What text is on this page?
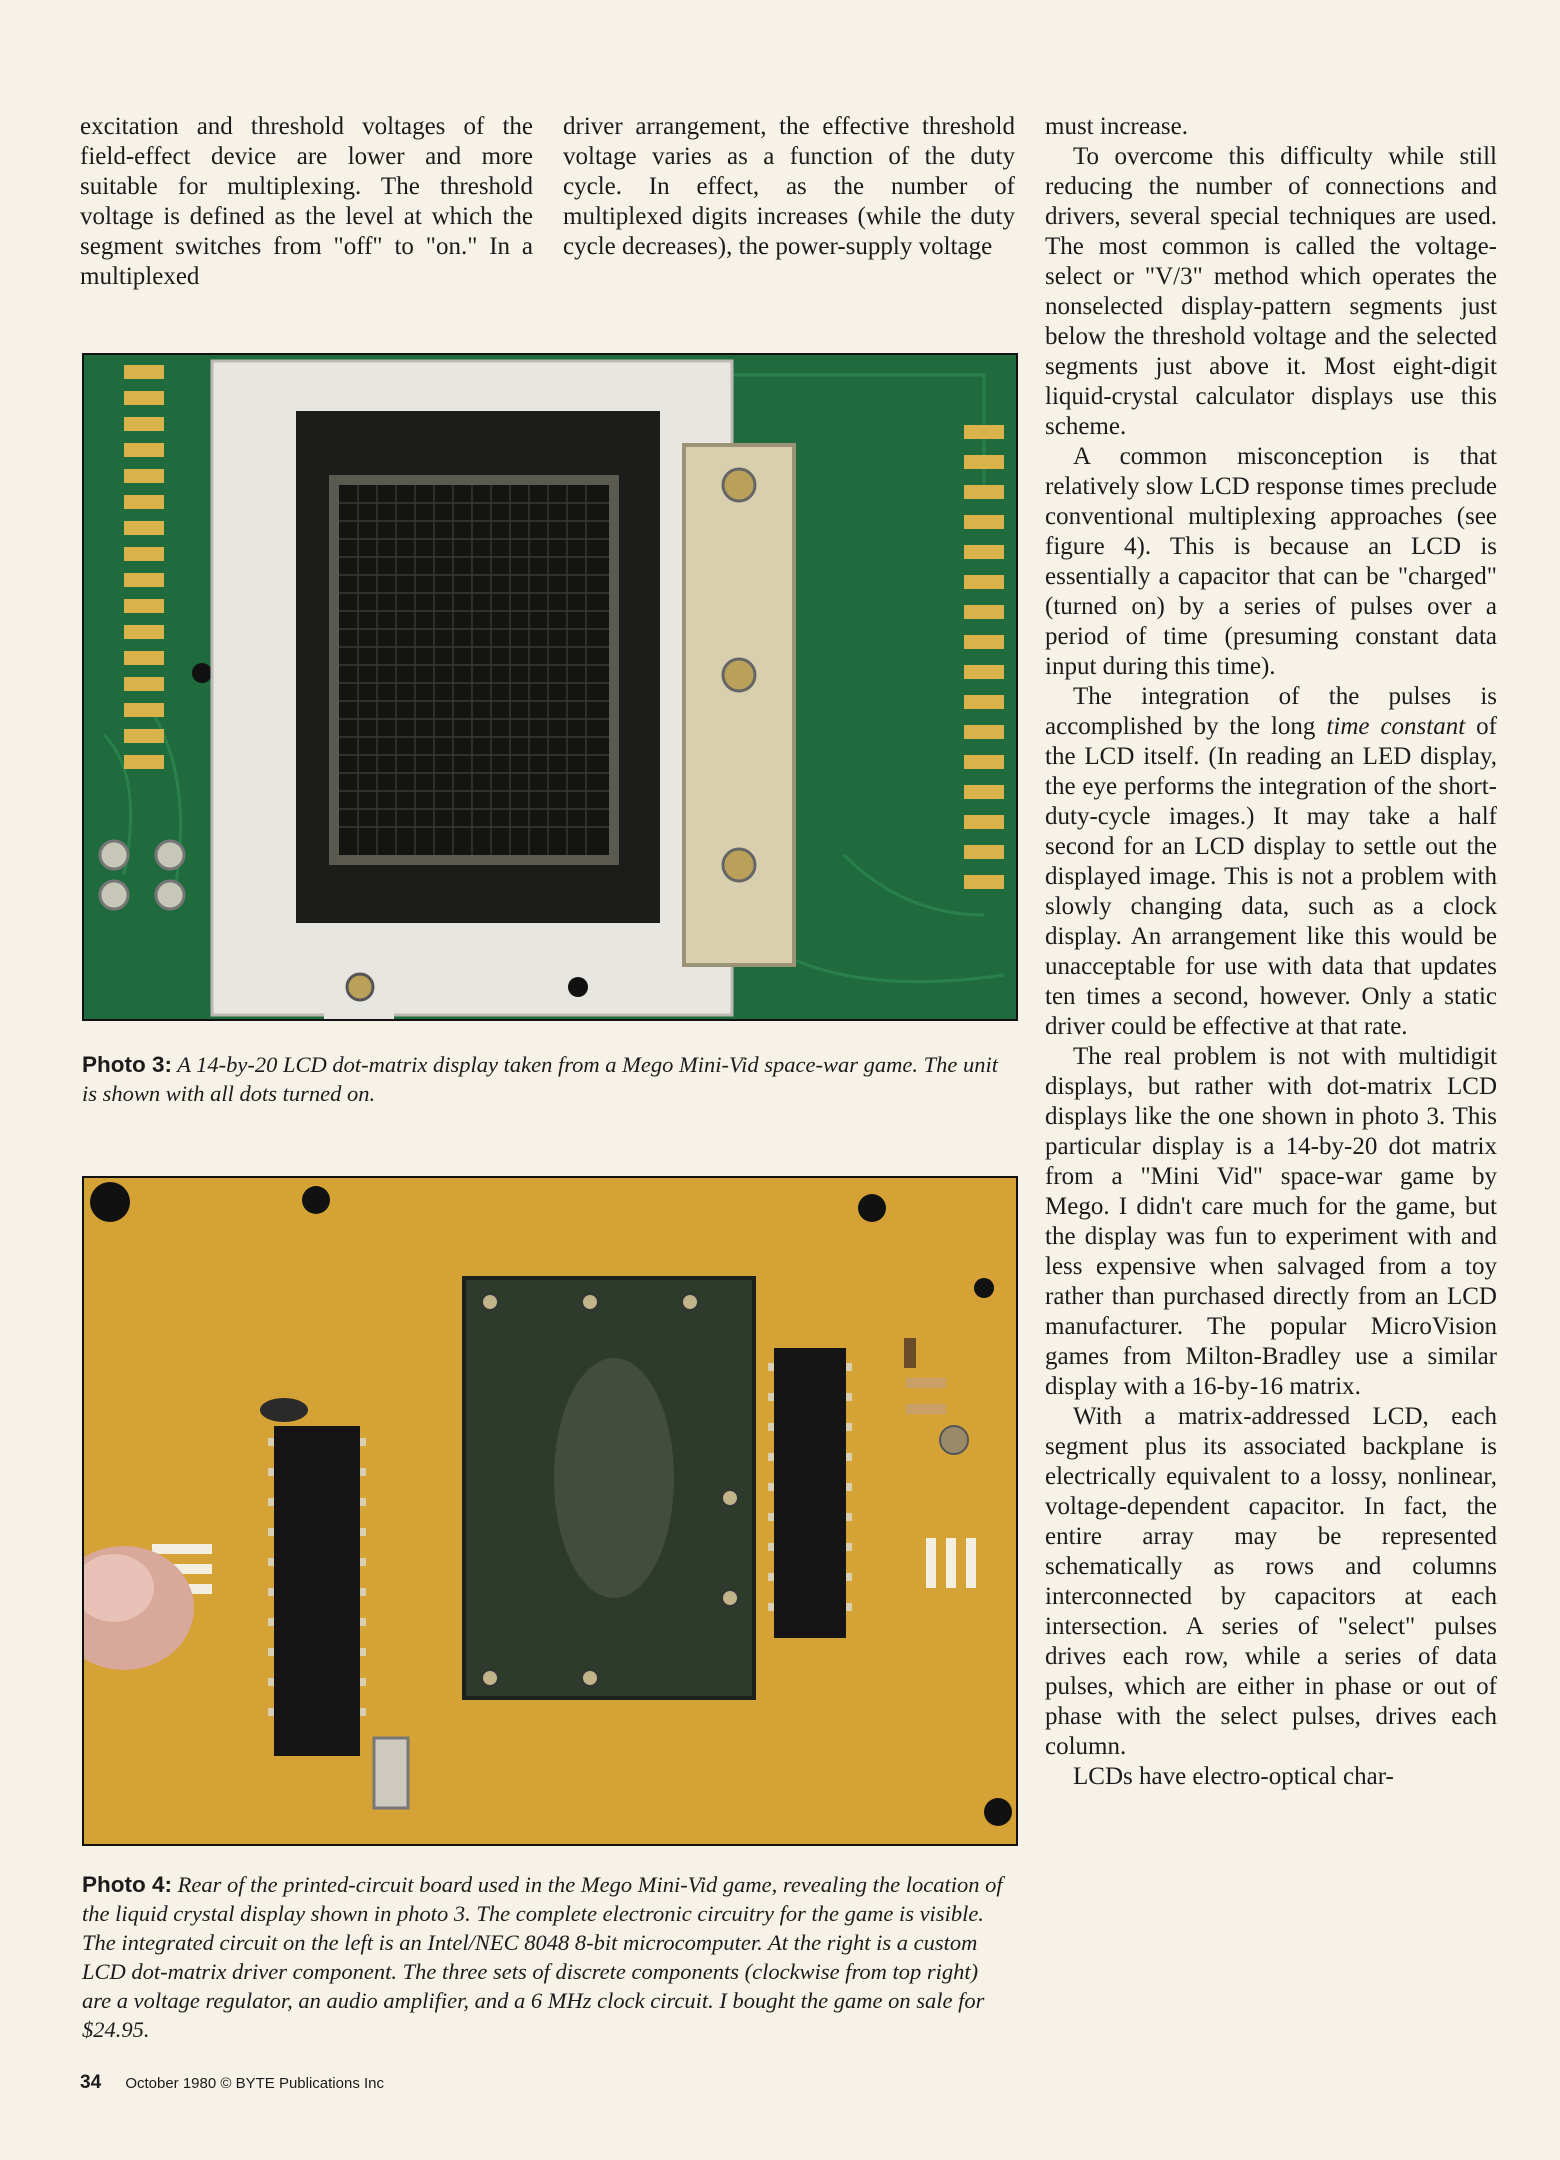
excitation and threshold voltages of the field-effect device are lower and more suitable for multiplexing. The threshold voltage is defined as the level at which the segment switches from "off" to "on." In a multiplexed

driver arrangement, the effective threshold voltage varies as a function of the duty cycle. In effect, as the number of multiplexed digits increases (while the duty cycle decreases), the power-supply voltage

must increase.

To overcome this difficulty while still reducing the number of connections and drivers, several special techniques are used. The most common is called the voltage-select or "V/3" method which operates the nonselected display-pattern segments just below the threshold voltage and the selected segments just above it. Most eight-digit liquid-crystal calculator displays use this scheme.

A common misconception is that relatively slow LCD response times preclude conventional multiplexing approaches (see figure 4). This is because an LCD is essentially a capacitor that can be "charged" (turned on) by a series of pulses over a period of time (presuming constant data input during this time).

The integration of the pulses is accomplished by the long time constant of the LCD itself. (In reading an LED display, the eye performs the integration of the short-duty-cycle images.) It may take a half second for an LCD display to settle out the displayed image. This is not a problem with slowly changing data, such as a clock display. An arrangement like this would be unacceptable for use with data that updates ten times a second, however. Only a static driver could be effective at that rate.

The real problem is not with multidigit displays, but rather with dot-matrix LCD displays like the one shown in photo 3. This particular display is a 14-by-20 dot matrix from a "Mini Vid" space-war game by Mego. I didn't care much for the game, but the display was fun to experiment with and less expensive when salvaged from a toy rather than purchased directly from an LCD manufacturer. The popular MicroVision games from Milton-Bradley use a similar display with a 16-by-16 matrix.

With a matrix-addressed LCD, each segment plus its associated backplane is electrically equivalent to a lossy, nonlinear, voltage-dependent capacitor. In fact, the entire array may be represented schematically as rows and columns interconnected by capacitors at each intersection. A series of "select" pulses drives each row, while a series of data pulses, which are either in phase or out of phase with the select pulses, drives each column.

LCDs have electro-optical char-

Photo 3: A 14-by-20 LCD dot-matrix display taken from a Mego Mini-Vid space-war game. The unit is shown with all dots turned on.
Photo 4: Rear of the printed-circuit board used in the Mego Mini-Vid game, revealing the location of the liquid crystal display shown in photo 3. The complete electronic circuitry for the game is visible. The integrated circuit on the left is an Intel/NEC 8048 8-bit microcomputer. At the right is a custom LCD dot-matrix driver component. The three sets of discrete components (clockwise from top right) are a voltage regulator, an audio amplifier, and a 6 MHz clock circuit. I bought the game on sale for $24.95.
34 October 1980 © BYTE Publications Inc
